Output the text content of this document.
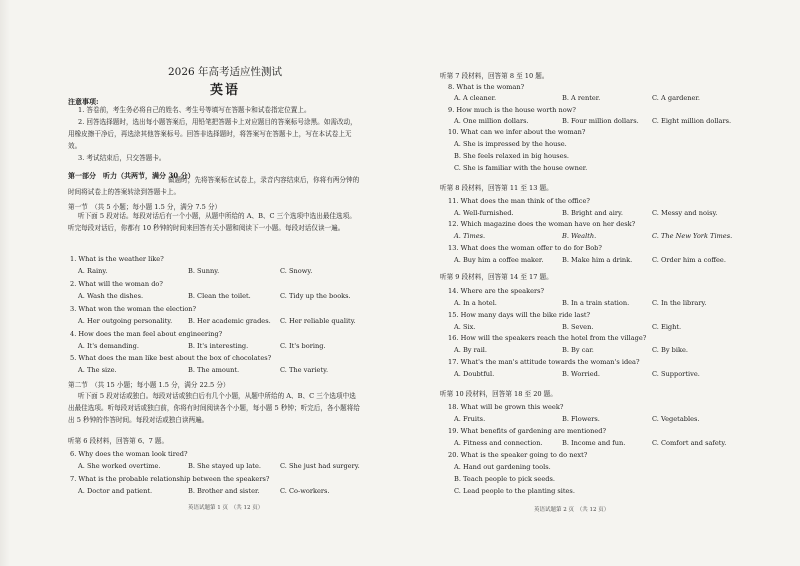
2026 年高考适应性测试
英语
注意事项:
1. 答卷前，考生务必将自己的姓名、考生号等填写在答题卡和试卷指定位置上。
2. 回答选择题时，选出每小题答案后，用铅笔把答题卡上对应题目的答案标号涂黑。如需改动，用橡皮擦干净后，再选涂其他答案标号。回答非选择题时，将答案写在答题卡上，写在本试卷上无效。
3. 考试结束后，只交答题卡。
第一部分　听力（共两节，满分 30 分）
做题时，先将答案标在试卷上，录音内容结束后，你将有两分钟的时间将试卷上的答案转涂到答题卡上。
第一节　（共 5 小题；每小题 1.5 分，满分 7.5 分）
听下面 5 段对话。每段对话后有一个小题，从题中所给的 A、B、C 三个选项中选出最佳选项。听完每段对话后，你都有 10 秒钟的时间来回答有关小题和阅读下一小题。每段对话仅读一遍。
1. What is the weather like?
A. Rainy.	B. Sunny.	C. Snowy.
2. What will the woman do?
A. Wash the dishes.	B. Clean the toilet.	C. Tidy up the books.
3. What won the woman the election?
A. Her outgoing personality. B. Her academic grades. C. Her reliable quality.
4. How does the man feel about engineering?
A. It's demanding.	B. It's interesting.	C. It's boring.
5. What does the man like best about the box of chocolates?
A. The size.	B. The amount.	C. The variety.
第二节　（共 15 小题；每小题 1.5 分，满分 22.5 分）
听下面 5 段对话或独白。每段对话或独白后有几个小题，从题中所给的 A、B、C 三个选项中选出最佳选项。听每段对话或独白前，你将有时间阅读各个小题，每小题 5 秒钟；听完后，各小题将给出 5 秒钟的作答时间。每段对话或独白读两遍。
听第 6 段材料，回答第 6、7 题。
6. Why does the woman look tired?
A. She worked overtime.	B. She stayed up late.	C. She just had surgery.
7. What is the probable relationship between the speakers?
A. Doctor and patient.	B. Brother and sister.	C. Co-workers.
英语试题第 1 页　（共 12 页）
听第 7 段材料，回答第 8 至 10 题。
8. What is the woman?
A. A cleaner.	B. A renter.	C. A gardener.
9. How much is the house worth now?
A. One million dollars.	B. Four million dollars. C. Eight million dollars.
10. What can we infer about the woman?
A. She is impressed by the house.
B. She feels relaxed in big houses.
C. She is familiar with the house owner.
听第 8 段材料，回答第 11 至 13 题。
11. What does the man think of the office?
A. Well-furnished.	B. Bright and airy.	C. Messy and noisy.
12. Which magazine does the woman have on her desk?
A. Times.	B. Wealth.	C. The New York Times.
13. What does the woman offer to do for Bob?
A. Buy him a coffee maker.	B. Make him a drink.	C. Order him a coffee.
听第 9 段材料，回答第 14 至 17 题。
14. Where are the speakers?
A. In a hotel.	B. In a train station.	C. In the library.
15. How many days will the bike ride last?
A. Six.	B. Seven.	C. Eight.
16. How will the speakers reach the hotel from the village?
A. By rail.	B. By car.	C. By bike.
17. What's the man's attitude towards the woman's idea?
A. Doubtful.	B. Worried.	C. Supportive.
听第 10 段材料，回答第 18 至 20 题。
18. What will be grown this week?
A. Fruits.	B. Flowers.	C. Vegetables.
19. What benefits of gardening are mentioned?
A. Fitness and connection.	B. Income and fun.	C. Comfort and safety.
20. What is the speaker going to do next?
A. Hand out gardening tools.
B. Teach people to pick seeds.
C. Lead people to the planting sites.
英语试题第 2 页　（共 12 页）
